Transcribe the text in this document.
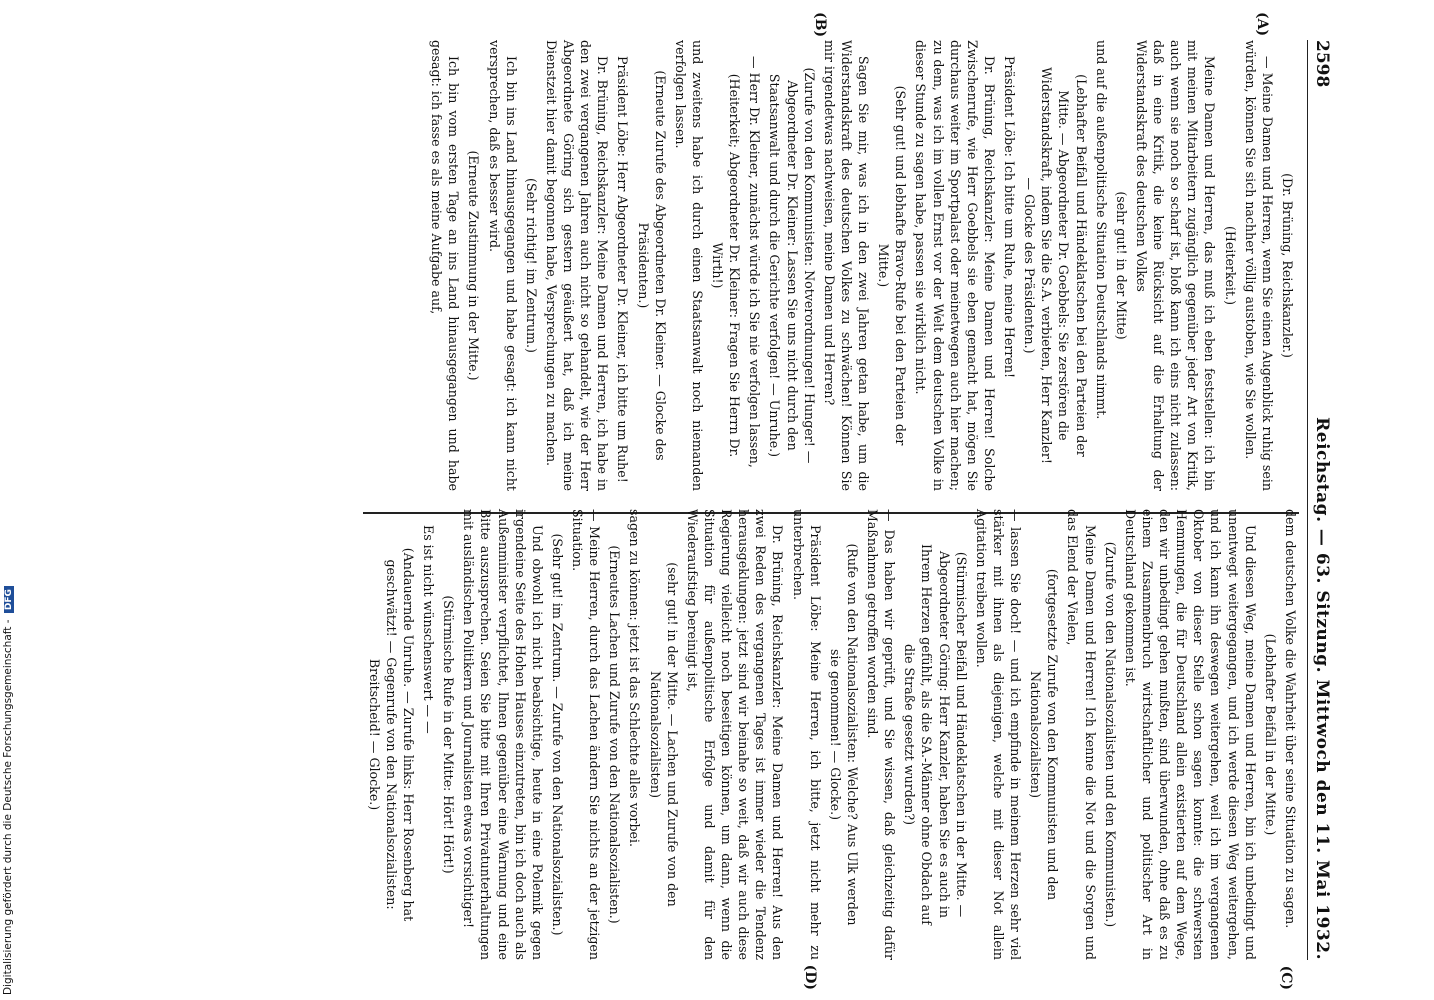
Digitalisierung gefördert durch die Deutsche Forschungsgemeinschaft - DFG
2598
Reichstag. — 63. Sitzung. Mittwoch den 11. Mai 1932.
(A)
(B)

(Dr. Brüning, Reichskanzler.)

— Meine Damen und Herren, wenn Sie einen Augenblick ruhig sein würden, können Sie sich nachher völlig austoben, wie Sie wollen.

(Heiterkeit.)

Meine Damen und Herren, das muß ich eben feststellen: ich bin mit meinen Mitarbeitern zugänglich gegenüber jeder Art von Kritik, auch wenn sie noch so scharf ist, bloß kann ich eins nicht zulassen: daß in eine Kritik, die keine Rücksicht auf die Erhaltung der Widerstandskraft des deutschen Volkes

(sehr gut! in der Mitte)

und auf die außenpolitische Situation Deutschlands nimmt.

(Lebhafter Beifall und Händeklatschen bei den Parteien der Mitte. — Abgeordneter Dr. Goebbels: Sie zerstören die Widerstandskraft, indem Sie die S.A. verbieten, Herr Kanzler! — Glocke des Präsidenten.)

Präsident Löbe: Ich bitte um Ruhe, meine Herren!

Dr. Brüning, Reichskanzler: Meine Damen und Herren! Solche Zwischenrufe, wie Herr Goebbels sie eben gemacht hat, mögen Sie durchaus weiter im Sportpalast oder meinetwegen auch hier machen; zu dem, was ich im vollen Ernst vor der Welt dem deutschen Volke in dieser Stunde zu sagen habe, passen sie wirklich nicht.

(Sehr gut! und lebhafte Bravo-Rufe bei den Parteien der Mitte.)

Sagen Sie mir, was ich in den zwei Jahren getan habe, um die Widerstandskraft des deutschen Volkes zu schwächen! Können Sie mir irgendetwas nachweisen, meine Damen und Herren?

(Zurufe von den Kommunisten: Notverordnungen! Hunger! — Abgeordneter Dr. Kleiner: Lassen Sie uns nicht durch den Staatsanwalt und durch die Gerichte verfolgen! — Unruhe.)

— Herr Dr. Kleiner, zunächst würde ich Sie nie verfolgen lassen,

(Heiterkeit; Abgeordneter Dr. Kleiner: Fragen Sie Herrn Dr. Wirth!)

und zweitens habe ich durch einen Staatsanwalt noch niemanden verfolgen lassen.

(Erneute Zurufe des Abgeordneten Dr. Kleiner. — Glocke des Präsidenten.)

Präsident Löbe: Herr Abgeordneter Dr. Kleiner, ich bitte um Ruhe!

Dr. Brüning, Reichskanzler: Meine Damen und Herren, ich habe in den zwei vergangenen Jahren auch nicht so gehandelt, wie der Herr Abgeordnete Göring sich gestern geäußert hat, daß ich meine Dienstzeit hier damit begonnen habe, Versprechungen zu machen.

(Sehr richtig! im Zentrum.)

Ich bin ins Land hinausgegangen und habe gesagt: ich kann nicht versprechen, daß es besser wird.

(Erneute Zustimmung in der Mitte.)

Ich bin vom ersten Tage an ins Land hinausgegangen und habe gesagt: ich fasse es als meine Aufgabe auf,

(C)
(D)

dem deutschen Volke die Wahrheit über seine Situation zu sagen.

(Lebhafter Beifall in der Mitte.)

Und diesen Weg, meine Damen und Herren, bin ich unbedingt und unentwegt weitergegangen, und ich werde diesen Weg weitergehen, und ich kann ihn deswegen weitergehen, weil ich im vergangenen Oktober von dieser Stelle schon sagen konnte: die schwersten Hemmungen, die für Deutschland allein existierten auf dem Wege, den wir unbedingt gehen mußten, sind überwunden, ohne daß es zu einem Zusammenbruch wirtschaftlicher und politischer Art in Deutschland gekommen ist.

(Zurufe von den Nationalsozialisten und den Kommunisten.)

Meine Damen und Herren! Ich kenne die Not und die Sorgen und das Elend der Vielen,

(fortgesetzte Zurufe von den Kommunisten und den Nationalsozialisten)

— lassen Sie doch! — und ich empfinde in meinem Herzen sehr viel stärker mit ihnen als diejenigen, welche mit dieser Not allein Agitation treiben wollen.

(Stürmischer Beifall und Händeklatschen in der Mitte. — Abgeordneter Göring: Herr Kanzler, haben Sie es auch in Ihrem Herzen gefühlt, als die SA.-Männer ohne Obdach auf die Straße gesetzt wurden?)

— Das haben wir geprüft, und Sie wissen, daß gleichzeitig dafür Maßnahmen getroffen worden sind.

(Rufe von den Nationalsozialisten: Welche? Aus Ulk werden sie genommen! — Glocke.)

Präsident Löbe: Meine Herren, ich bitte, jetzt nicht mehr zu unterbrechen.

Dr. Brüning, Reichskanzler: Meine Damen und Herren! Aus den zwei Reden des vergangenen Tages ist immer wieder die Tendenz herausgeklungen: jetzt sind wir beinahe so weit, daß wir auch diese Regierung vielleicht noch beseitigen können, um dann, wenn die Situation für außenpolitische Erfolge und damit für den Wiederaufstieg bereinigt ist,

(sehr gut! in der Mitte. — Lachen und Zurufe von den Nationalsozialisten)

sagen zu können: jetzt ist das Schlechte alles vorbei.

(Erneutes Lachen und Zurufe von den Nationalsozialisten.)

— Meine Herren, durch das Lachen ändern Sie nichts an der jetzigen Situation.

(Sehr gut! im Zentrum. — Zurufe von den Nationalsozialisten.)

Und obwohl ich nicht beabsichtige, heute in eine Polemik gegen irgendeine Seite des Hohen Hauses einzutreten, bin ich doch auch als Außenminister verpflichtet, Ihnen gegenüber eine Warnung und eine Bitte auszusprechen. Seien Sie bitte mit Ihren Privatunterhaltungen mit ausländischen Politikern und Journalisten etwas vorsichtiger!

(Stürmische Rufe in der Mitte: Hört! Hört!)

Es ist nicht wünschenswert — —

(Andauernde Unruhe. — Zurufe links: Herr Rosenberg hat geschwätzt! — Gegenrufe von den Nationalsozialisten: Breitscheid! — Glocke.)
